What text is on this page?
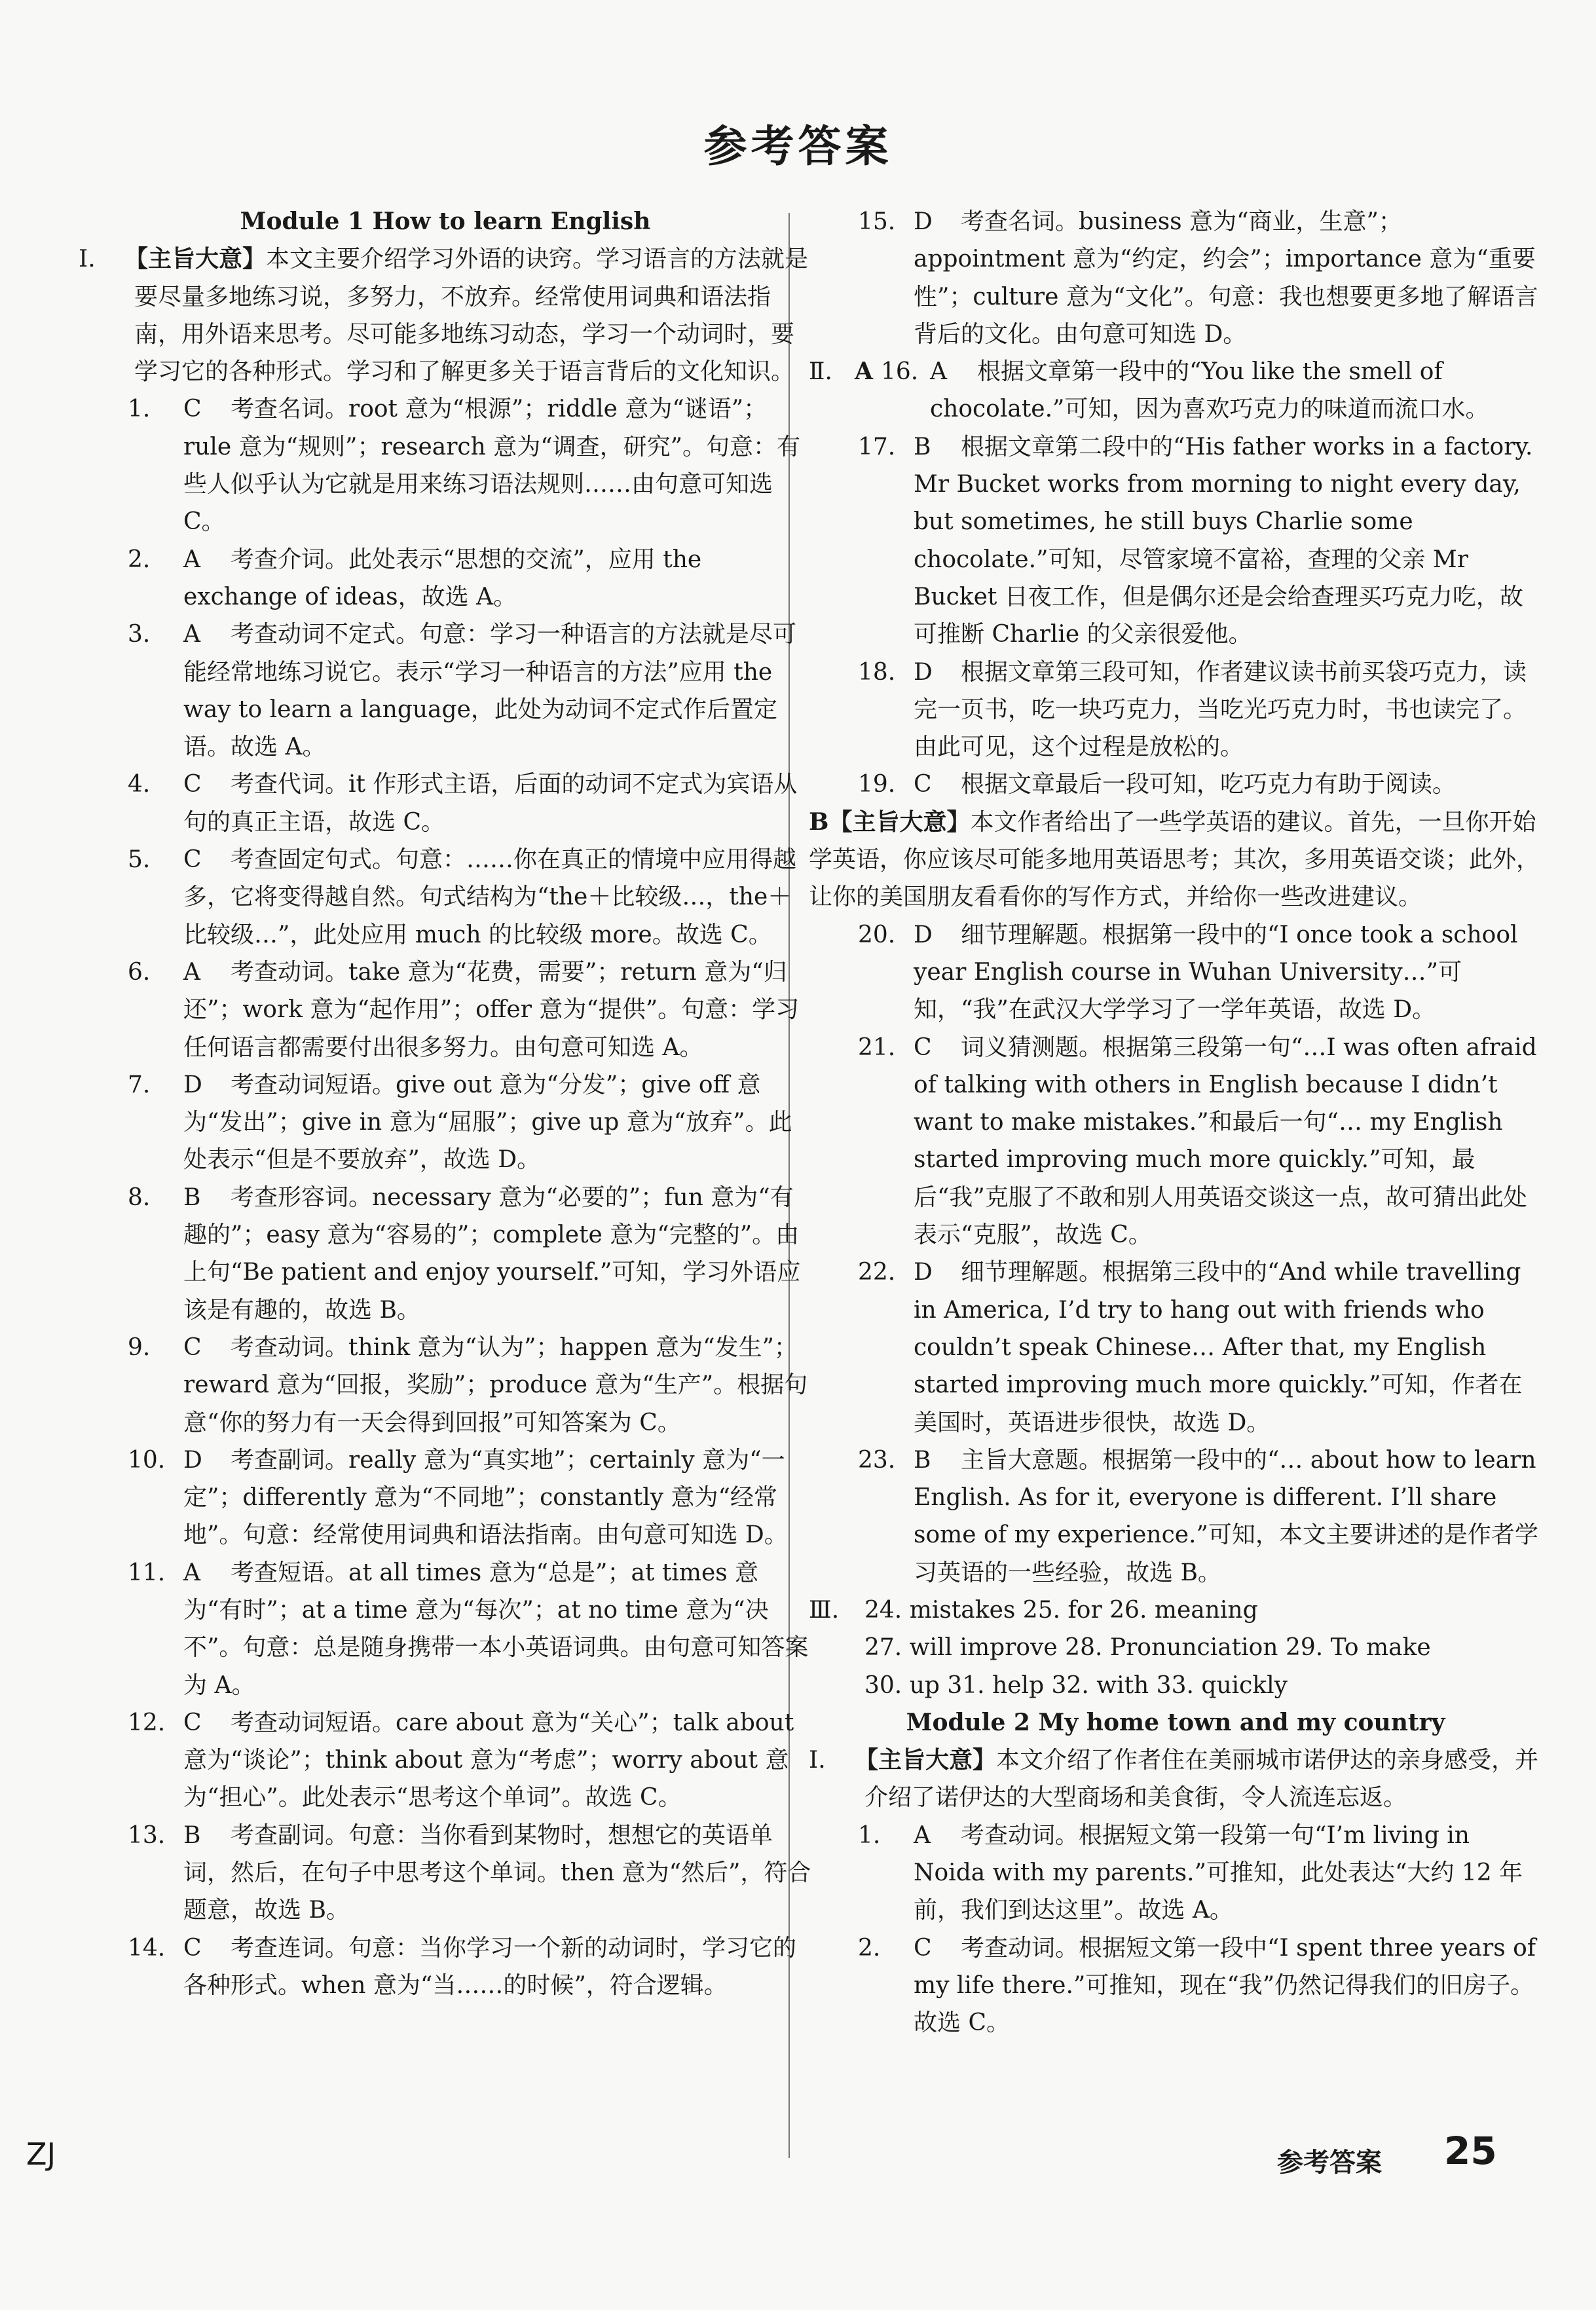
参考答案

Module 1 How to learn English

Ⅰ. 【主旨大意】本文主要介绍学习外语的诀窍。学习语言的方法就是要尽量多地练习说，多努力，不放弃。经常使用词典和语法指南，用外语来思考。尽可能多地练习动态，学习一个动词时，要学习它的各种形式。学习和了解更多关于语言背后的文化知识。

1. C 考查名词。root 意为“根源”；riddle 意为“谜语”；rule 意为“规则”；research 意为“调查，研究”。句意：有些人似乎认为它就是用来练习语法规则……由句意可知选 C。

2. A 考查介词。此处表示“思想的交流”，应用 the exchange of ideas，故选 A。

3. A 考查动词不定式。句意：学习一种语言的方法就是尽可能经常地练习说它。表示“学习一种语言的方法”应用 the way to learn a language，此处为动词不定式作后置定语。故选 A。

4. C 考查代词。it 作形式主语，后面的动词不定式为宾语从句的真正主语，故选 C。

5. C 考查固定句式。句意：……你在真正的情境中应用得越多，它将变得越自然。句式结构为“the＋比较级…，the＋比较级…”，此处应用 much 的比较级 more。故选 C。

6. A 考查动词。take 意为“花费，需要”；return 意为“归还”；work 意为“起作用”；offer 意为“提供”。句意：学习任何语言都需要付出很多努力。由句意可知选 A。

7. D 考查动词短语。give out 意为“分发”；give off 意为“发出”；give in 意为“屈服”；give up 意为“放弃”。此处表示“但是不要放弃”，故选 D。

8. B 考查形容词。necessary 意为“必要的”；fun 意为“有趣的”；easy 意为“容易的”；complete 意为“完整的”。由上句“Be patient and enjoy yourself.”可知，学习外语应该是有趣的，故选 B。

9. C 考查动词。think 意为“认为”；happen 意为“发生”；reward 意为“回报，奖励”；produce 意为“生产”。根据句意“你的努力有一天会得到回报”可知答案为 C。

10. D 考查副词。really 意为“真实地”；certainly 意为“一定”；differently 意为“不同地”；constantly 意为“经常地”。句意：经常使用词典和语法指南。由句意可知选 D。

11. A 考查短语。at all times 意为“总是”；at times 意为“有时”；at a time 意为“每次”；at no time 意为“决不”。句意：总是随身携带一本小英语词典。由句意可知答案为 A。

12. C 考查动词短语。care about 意为“关心”；talk about 意为“谈论”；think about 意为“考虑”；worry about 意为“担心”。此处表示“思考这个单词”。故选 C。

13. B 考查副词。句意：当你看到某物时，想想它的英语单词，然后，在句子中思考这个单词。then 意为“然后”，符合题意，故选 B。

14. C 考查连词。句意：当你学习一个新的动词时，学习它的各种形式。when 意为“当……的时候”，符合逻辑。

15. D 考查名词。business 意为“商业，生意”；appointment 意为“约定，约会”；importance 意为“重要性”；culture 意为“文化”。句意：我也想要更多地了解语言背后的文化。由句意可知选 D。

Ⅱ. A 16. A 根据文章第一段中的“You like the smell of chocolate.”可知，因为喜欢巧克力的味道而流口水。

17. B 根据文章第二段中的“His father works in a factory. Mr Bucket works from morning to night every day, but sometimes, he still buys Charlie some chocolate.”可知，尽管家境不富裕，查理的父亲 Mr Bucket 日夜工作，但是偶尔还是会给查理买巧克力吃，故可推断 Charlie 的父亲很爱他。

18. D 根据文章第三段可知，作者建议读书前买袋巧克力，读完一页书，吃一块巧克力，当吃光巧克力时，书也读完了。由此可见，这个过程是放松的。

19. C 根据文章最后一段可知，吃巧克力有助于阅读。

B【主旨大意】本文作者给出了一些学英语的建议。首先，一旦你开始学英语，你应该尽可能多地用英语思考；其次，多用英语交谈；此外，让你的美国朋友看看你的写作方式，并给你一些改进建议。

20. D 细节理解题。根据第一段中的“I once took a school year English course in Wuhan University…”可知，“我”在武汉大学学习了一学年英语，故选 D。

21. C 词义猜测题。根据第三段第一句“…I was often afraid of talking with others in English because I didn’t want to make mistakes.”和最后一句“… my English started improving much more quickly.”可知，最后“我”克服了不敢和别人用英语交谈这一点，故可猜出此处表示“克服”，故选 C。

22. D 细节理解题。根据第三段中的“And while travelling in America, I’d try to hang out with friends who couldn’t speak Chinese… After that, my English started improving much more quickly.”可知，作者在美国时，英语进步很快，故选 D。

23. B 主旨大意题。根据第一段中的“… about how to learn English. As for it, everyone is different. I’ll share some of my experience.”可知，本文主要讲述的是作者学习英语的一些经验，故选 B。

Ⅲ. 24. mistakes 25. for 26. meaning

27. will improve 28. Pronunciation 29. To make

30. up 31. help 32. with 33. quickly

Module 2 My home town and my country

Ⅰ. 【主旨大意】本文介绍了作者住在美丽城市诺伊达的亲身感受，并介绍了诺伊达的大型商场和美食街，令人流连忘返。

1. A 考查动词。根据短文第一段第一句“I’m living in Noida with my parents.”可推知，此处表达“大约 12 年前，我们到达这里”。故选 A。

2. C 考查动词。根据短文第一段中“I spent three years of my life there.”可推知，现在“我”仍然记得我们的旧房子。故选 C。

ZJ	参考答案 25
